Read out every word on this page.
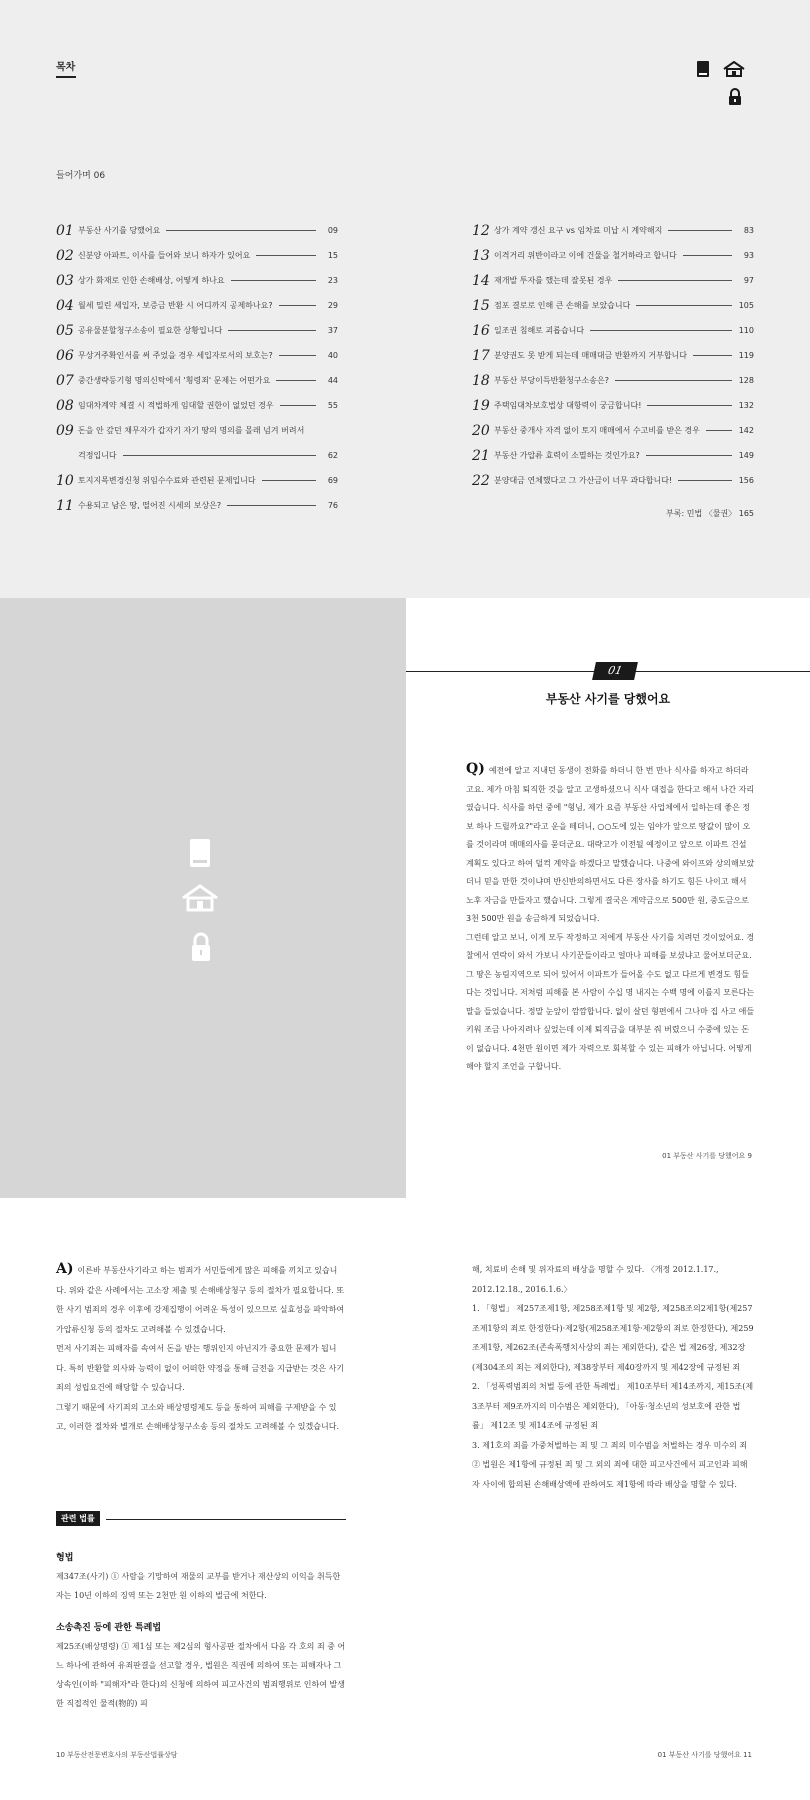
목차
들어가며 06
01 부동산 사기를 당했어요	09
02 신분양 아파트, 이사를 들어와 보니 하자가 있어요	15
03 상가 화재로 인한 손해배상, 어떻게 하나요	23
04 월세 밀린 세입자, 보증금 반환 시 어디까지 공제하나요?	29
05 공유물분할청구소송이 필요한 상황입니다	37
06 무상거주확인서를 써 주었을 경우 세입자로서의 보호는?	40
07 중간생략등기형 명의신탁에서 '횡령죄' 문제는 어떤가요	44
08 임대차계약 체결 시 적법하게 임대할 권한이 없었던 경우	55
09 돈을 안 갚던 채무자가 갑자기 자기 땅의 명의를 몰래 넘겨 버려서
걱정입니다	62
10 토지지목변경신청 위임수수료와 관련된 문제입니다	69
11 수용되고 남은 땅, 떨어진 시세의 보상은?	76
12 상가 계약 갱신 요구 vs 임차료 미납 시 계약해지	83
13 이격거리 위반이라고 이에 건물을 철거하라고 합니다	93
14 재개발 투자를 했는데 잘못된 경우	97
15 점포 결로로 인해 큰 손해를 보았습니다	105
16 일조권 침해로 괴롭습니다	110
17 분양권도 못 받게 되는데 매매대금 반환까지 거부합니다	119
18 부동산 부당이득반환청구소송은?	128
19 주택임대차보호법상 대항력이 궁금합니다!	132
20 부동산 중개사 자격 없이 토지 매매에서 수고비를 받은 경우	142
21 부동산 가압류 효력이 소멸하는 것인가요?	149
22 분양대금 연체했다고 그 가산금이 너무 과다합니다!	156
부록: 민법 〈물권〉 165
01
부동산 사기를 당했어요

Q) 예전에 알고 지내던 동생이 전화를 하더니 한 번 만나 식사를 하자고 하더라고요. 제가 마침 퇴직한 것을 알고 고생하셨으니 식사 대접을 한다고 해서 나간 자리였습니다. 식사를 하던 중에 "형님, 제가 요즘 부동산 사업체에서 일하는데 좋은 정보 하나 드릴까요?"라고 운을 떼더니, ○○도에 있는 임야가 앞으로 땅값이 많이 오를 것이라며 매매의사를 묻더군요. 대략고가 이전될 예정이고 앞으로 이파트 건설 계획도 있다고 하여 덜컥 계약을 하겠다고 말했습니다. 나중에 와이프와 상의해보았더니 믿을 만한 것이냐며 반신반의하면서도 다른 장사를 하기도 힘든 나이고 해서 노후 자금을 만들자고 했습니다. 그렇게 결국은 계약금으로 500만 원, 중도금으로 3천 500만 원을 송금하게 되었습니다.

그런데 알고 보니, 이게 모두 작정하고 저에게 부동산 사기를 치려던 것이었어요. 경찰에서 연락이 와서 가보니 사기꾼들이라고 얼마나 피해를 보셨냐고 물어보더군요. 그 땅은 농림지역으로 되어 있어서 이파트가 들어올 수도 없고 다르게 변경도 힘들다는 것입니다. 저처럼 피해를 본 사람이 수십 명 내지는 수백 명에 이를지 모른다는 말을 들었습니다. 정말 눈앞이 깜깜합니다. 없이 살던 형편에서 그나마 집 사고 애들 키워 조금 나아지려나 싶었는데 이제 퇴직금을 대부분 줘 버렸으니 수중에 있는 돈이 없습니다. 4천만 원이면 제가 자력으로 회복할 수 있는 피해가 아닙니다. 어떻게 해야 할지 조언을 구합니다.

01 부동산 사기를 당했어요 9

A) 이른바 부동산사기라고 하는 범죄가 서민들에게 많은 피해를 끼치고 있습니다. 위와 같은 사례에서는 고소장 제출 및 손해배상청구 등의 절차가 필요합니다. 또한 사기 범죄의 경우 이후에 강제집행이 어려운 특성이 있으므로 실효성을 파악하여 가압류신청 등의 절차도 고려해볼 수 있겠습니다.

먼저 사기죄는 피해자를 속여서 돈을 받는 행위인지 아닌지가 중요한 문제가 됩니다. 특히 반환할 의사와 능력이 없이 어떠한 약정을 통해 금전을 지급받는 것은 사기죄의 성립요건에 해당할 수 있습니다.

그렇기 때문에 사기죄의 고소와 배상명령제도 등을 통하여 피해를 구제받을 수 있고, 이러한 절차와 별개로 손해배상청구소송 등의 절차도 고려해볼 수 있겠습니다.

관련 법률
형법
제347조(사기) ① 사람을 기망하여 재물의 교부를 받거나 재산상의 이익을 취득한 자는 10년 이하의 징역 또는 2천만 원 이하의 벌금에 처한다.
소송촉진 등에 관한 특례법
제25조(배상명령) ① 제1심 또는 제2심의 형사공판 절차에서 다음 각 호의 죄 중 어느 하나에 관하여 유죄판결을 선고할 경우, 법원은 직권에 의하여 또는 피해자나 그 상속인(이하 "피해자"라 한다)의 신청에 의하여 피고사건의 범죄행위로 인하여 발생한 직접적인 물적(物的) 피

해, 치료비 손해 및 위자료의 배상을 명할 수 있다. 〈개정 2012.1.17., 2012.12.18., 2016.1.6.〉

1. 「형법」 제257조제1항, 제258조제1항 및 제2항, 제258조의2제1항(제257조제1항의 죄로 한정한다)·제2항(제258조제1항·제2항의 죄로 한정한다), 제259조제1항, 제262조(존속폭행치사상의 죄는 제외한다), 같은 법 제26장, 제32장(제304조의 죄는 제외한다), 제38장부터 제40장까지 및 제42장에 규정된 죄

2. 「성폭력범죄의 처벌 등에 관한 특례법」 제10조부터 제14조까지, 제15조(제3조부터 제9조까지의 미수범은 제외한다), 「아동·청소년의 성보호에 관한 법률」 제12조 및 제14조에 규정된 죄

3. 제1호의 죄를 가중처벌하는 죄 및 그 죄의 미수범을 처벌하는 경우 미수의 죄

② 법원은 제1항에 규정된 죄 및 그 외의 죄에 대한 피고사건에서 피고인과 피해자 사이에 합의된 손해배상액에 관하여도 제1항에 따라 배상을 명할 수 있다.

10 부동산전문변호사의 부동산법률상담	01 부동산 사기를 당했어요 11
